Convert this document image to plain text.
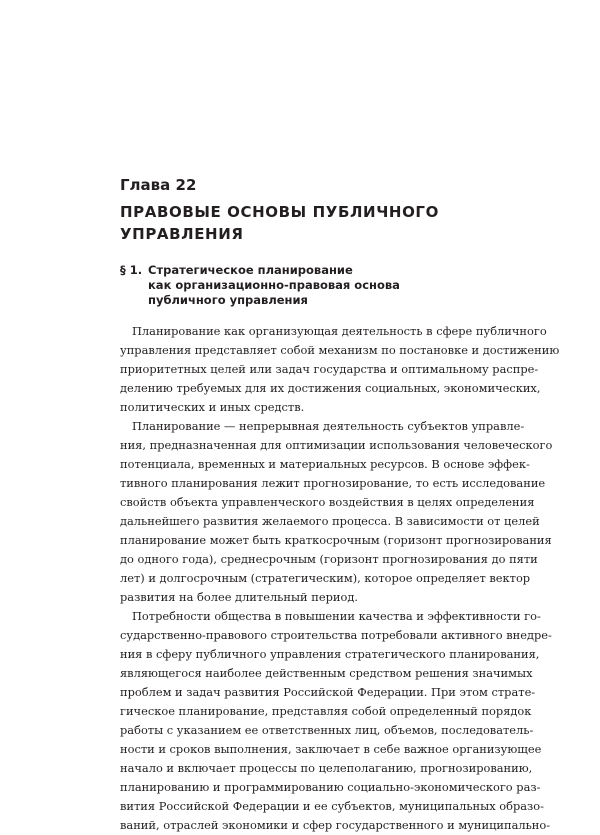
Глава 22
ПРАВОВЫЕ ОСНОВЫ ПУБЛИЧНОГО
УПРАВЛЕНИЯ
§ 1. Стратегическое планирование
как организационно-правовая основа
публичного управления
Планирование как организующая деятельность в сфере публичного
управления представляет собой механизм по постановке и достижению
приоритетных целей или задач государства и оптимальному распре-
делению требуемых для их достижения социальных, экономических,
политических и иных средств.
Планирование — непрерывная деятельность субъектов управле-
ния, предназначенная для оптимизации использования человеческого
потенциала, временных и материальных ресурсов. В основе эффек-
тивного планирования лежит прогнозирование, то есть исследование
свойств объекта управленческого воздействия в целях определения
дальнейшего развития желаемого процесса. В зависимости от целей
планирование может быть краткосрочным (горизонт прогнозирования
до одного года), среднесрочным (горизонт прогнозирования до пяти
лет) и долгосрочным (стратегическим), которое определяет вектор
развития на более длительный период.
Потребности общества в повышении качества и эффективности го-
сударственно-правового строительства потребовали активного внедре-
ния в сферу публичного управления стратегического планирования,
являющегося наиболее действенным средством решения значимых
проблем и задач развития Российской Федерации. При этом страте-
гическое планирование, представляя собой определенный порядок
работы с указанием ее ответственных лиц, объемов, последователь-
ности и сроков выполнения, заключает в себе важное организующее
начало и включает процессы по целеполаганию, прогнозированию,
планированию и программированию социально-экономического раз-
вития Российской Федерации и ее субъектов, муниципальных образо-
ваний, отраслей экономики и сфер государственного и муниципально-
